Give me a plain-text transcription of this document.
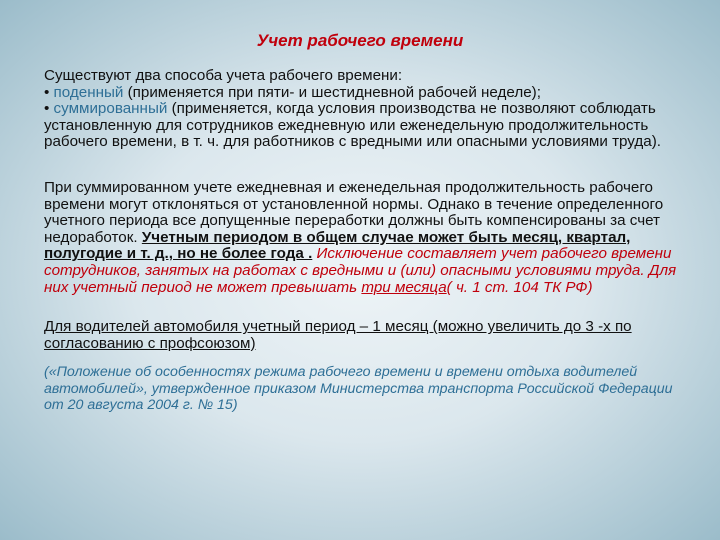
Учет рабочего времени

Существуют два способа учета рабочего времени:
• поденный (применяется при пяти- и шестидневной рабочей неделе);
• суммированный (применяется, когда условия производства не позволяют соблюдать установленную для сотрудников ежедневную или еженедельную продолжительность рабочего времени, в т. ч. для работников с вредными или опасными условиями труда).

При суммированном учете ежедневная и еженедельная продолжительность рабочего времени могут отклоняться от установленной нормы. Однако в течение определенного учетного периода все допущенные переработки должны быть компенсированы за счет недоработок. Учетным периодом в общем случае может быть месяц, квартал, полугодие и т. д., но не более года . Исключение составляет учет рабочего времени сотрудников, занятых на работах с вредными и (или) опасными условиями труда. Для них учетный период не может превышать три месяца( ч. 1 ст. 104 ТК РФ)

Для водителей автомобиля учетный период – 1 месяц (можно увеличить до 3 -х по согласованию с профсоюзом)

(«Положение об особенностях режима рабочего времени и времени отдыха водителей автомобилей», утвержденное приказом Министерства транспорта Российской Федерации от 20 августа 2004 г. № 15)
